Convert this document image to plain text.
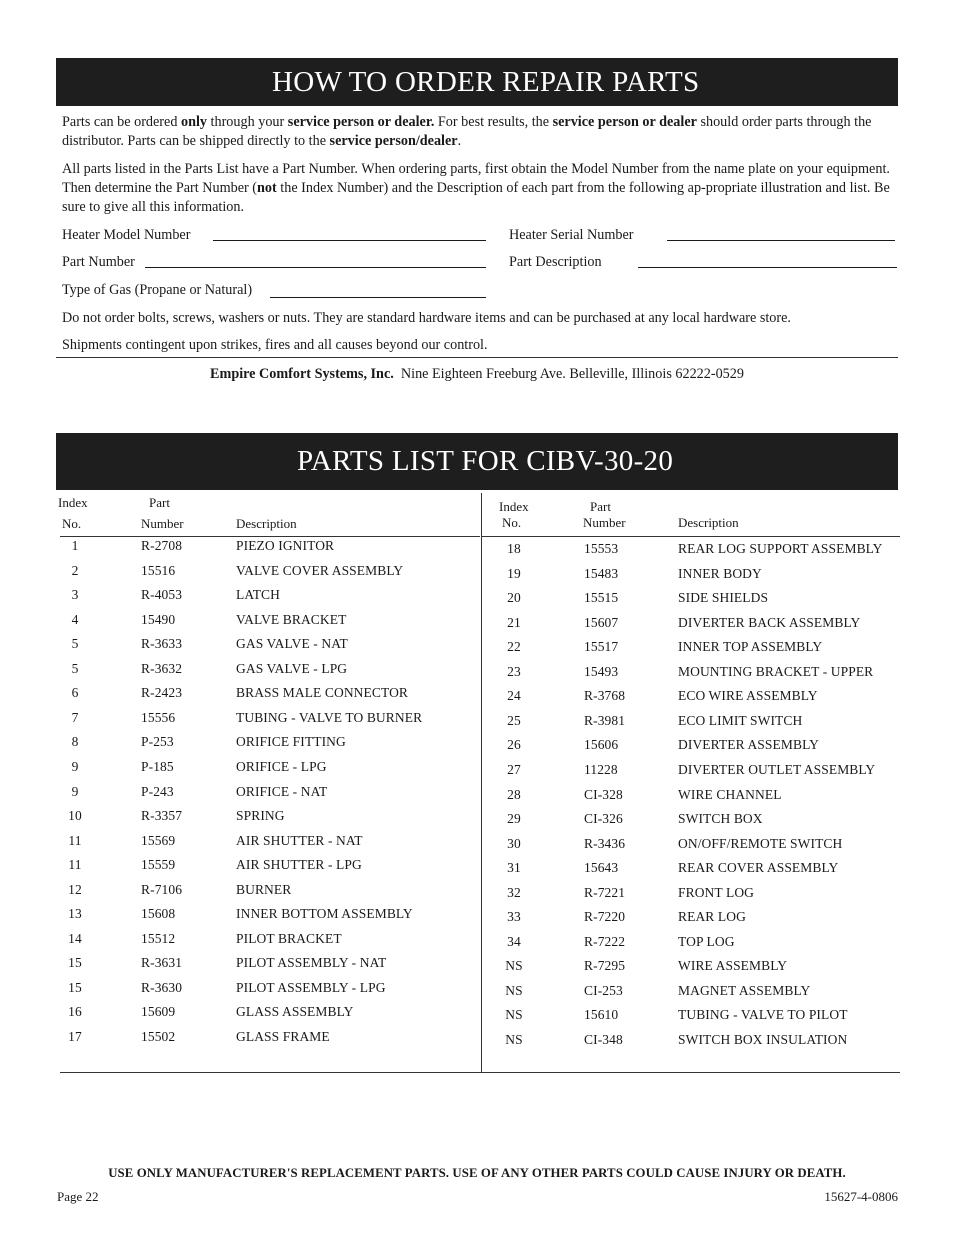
HOW TO ORDER REPAIR PARTS
Parts can be ordered only through your service person or dealer. For best results, the service person or dealer should order parts through the distributor. Parts can be shipped directly to the service person/dealer.
All parts listed in the Parts List have a Part Number. When ordering parts, first obtain the Model Number from the name plate on your equipment. Then determine the Part Number (not the Index Number) and the Description of each part from the following ap-propriate illustration and list. Be sure to give all this information.
Heater Model Number	Heater Serial Number
Part Number	Part Description
Type of Gas (Propane or Natural)
Do not order bolts, screws, washers or nuts. They are standard hardware items and can be purchased at any local hardware store.
Shipments contingent upon strikes, fires and all causes beyond our control.
Empire Comfort Systems, Inc. Nine Eighteen Freeburg Ave. Belleville, Illinois 62222-0529
PARTS LIST FOR CIBV-30-20
Index
No.
Part
Number	Description
Index
No.
Part
Number	Description
1	R-2708	PIEZO IGNITOR
2	15516	VALVE COVER ASSEMBLY
3	R-4053	LATCH
4	15490	VALVE BRACKET
5	R-3633	GAS VALVE - NAT
5	R-3632	GAS VALVE - LPG
6	R-2423	BRASS MALE CONNECTOR
7	15556	TUBING - VALVE TO BURNER
8	P-253	ORIFICE FITTING
9	P-185	ORIFICE - LPG
9	P-243	ORIFICE - NAT
10	R-3357	SPRING
11	15569	AIR SHUTTER - NAT
11	15559	AIR SHUTTER - LPG
12	R-7106	BURNER
13	15608	INNER BOTTOM ASSEMBLY
14	15512	PILOT BRACKET
15	R-3631	PILOT ASSEMBLY - NAT
15	R-3630	PILOT ASSEMBLY - LPG
16	15609	GLASS ASSEMBLY
17	15502	GLASS FRAME
18	15553	REAR LOG SUPPORT ASSEMBLY
19	15483	INNER BODY
20	15515	SIDE SHIELDS
21	15607	DIVERTER BACK ASSEMBLY
22	15517	INNER TOP ASSEMBLY
23	15493	MOUNTING BRACKET - UPPER
24	R-3768	ECO WIRE ASSEMBLY
25	R-3981	ECO LIMIT SWITCH
26	15606	DIVERTER ASSEMBLY
27	11228	DIVERTER OUTLET ASSEMBLY
28	CI-328	WIRE CHANNEL
29	CI-326	SWITCH BOX
30	R-3436	ON/OFF/REMOTE SWITCH
31	15643	REAR COVER ASSEMBLY
32	R-7221	FRONT LOG
33	R-7220	REAR LOG
34	R-7222	TOP LOG
NS	R-7295	WIRE ASSEMBLY
NS	CI-253	MAGNET ASSEMBLY
NS	15610	TUBING - VALVE TO PILOT
NS	CI-348	SWITCH BOX INSULATION
USE ONLY MANUFACTURER'S REPLACEMENT PARTS. USE OF ANY OTHER PARTS COULD CAUSE INJURY OR DEATH.
Page 22	15627-4-0806
